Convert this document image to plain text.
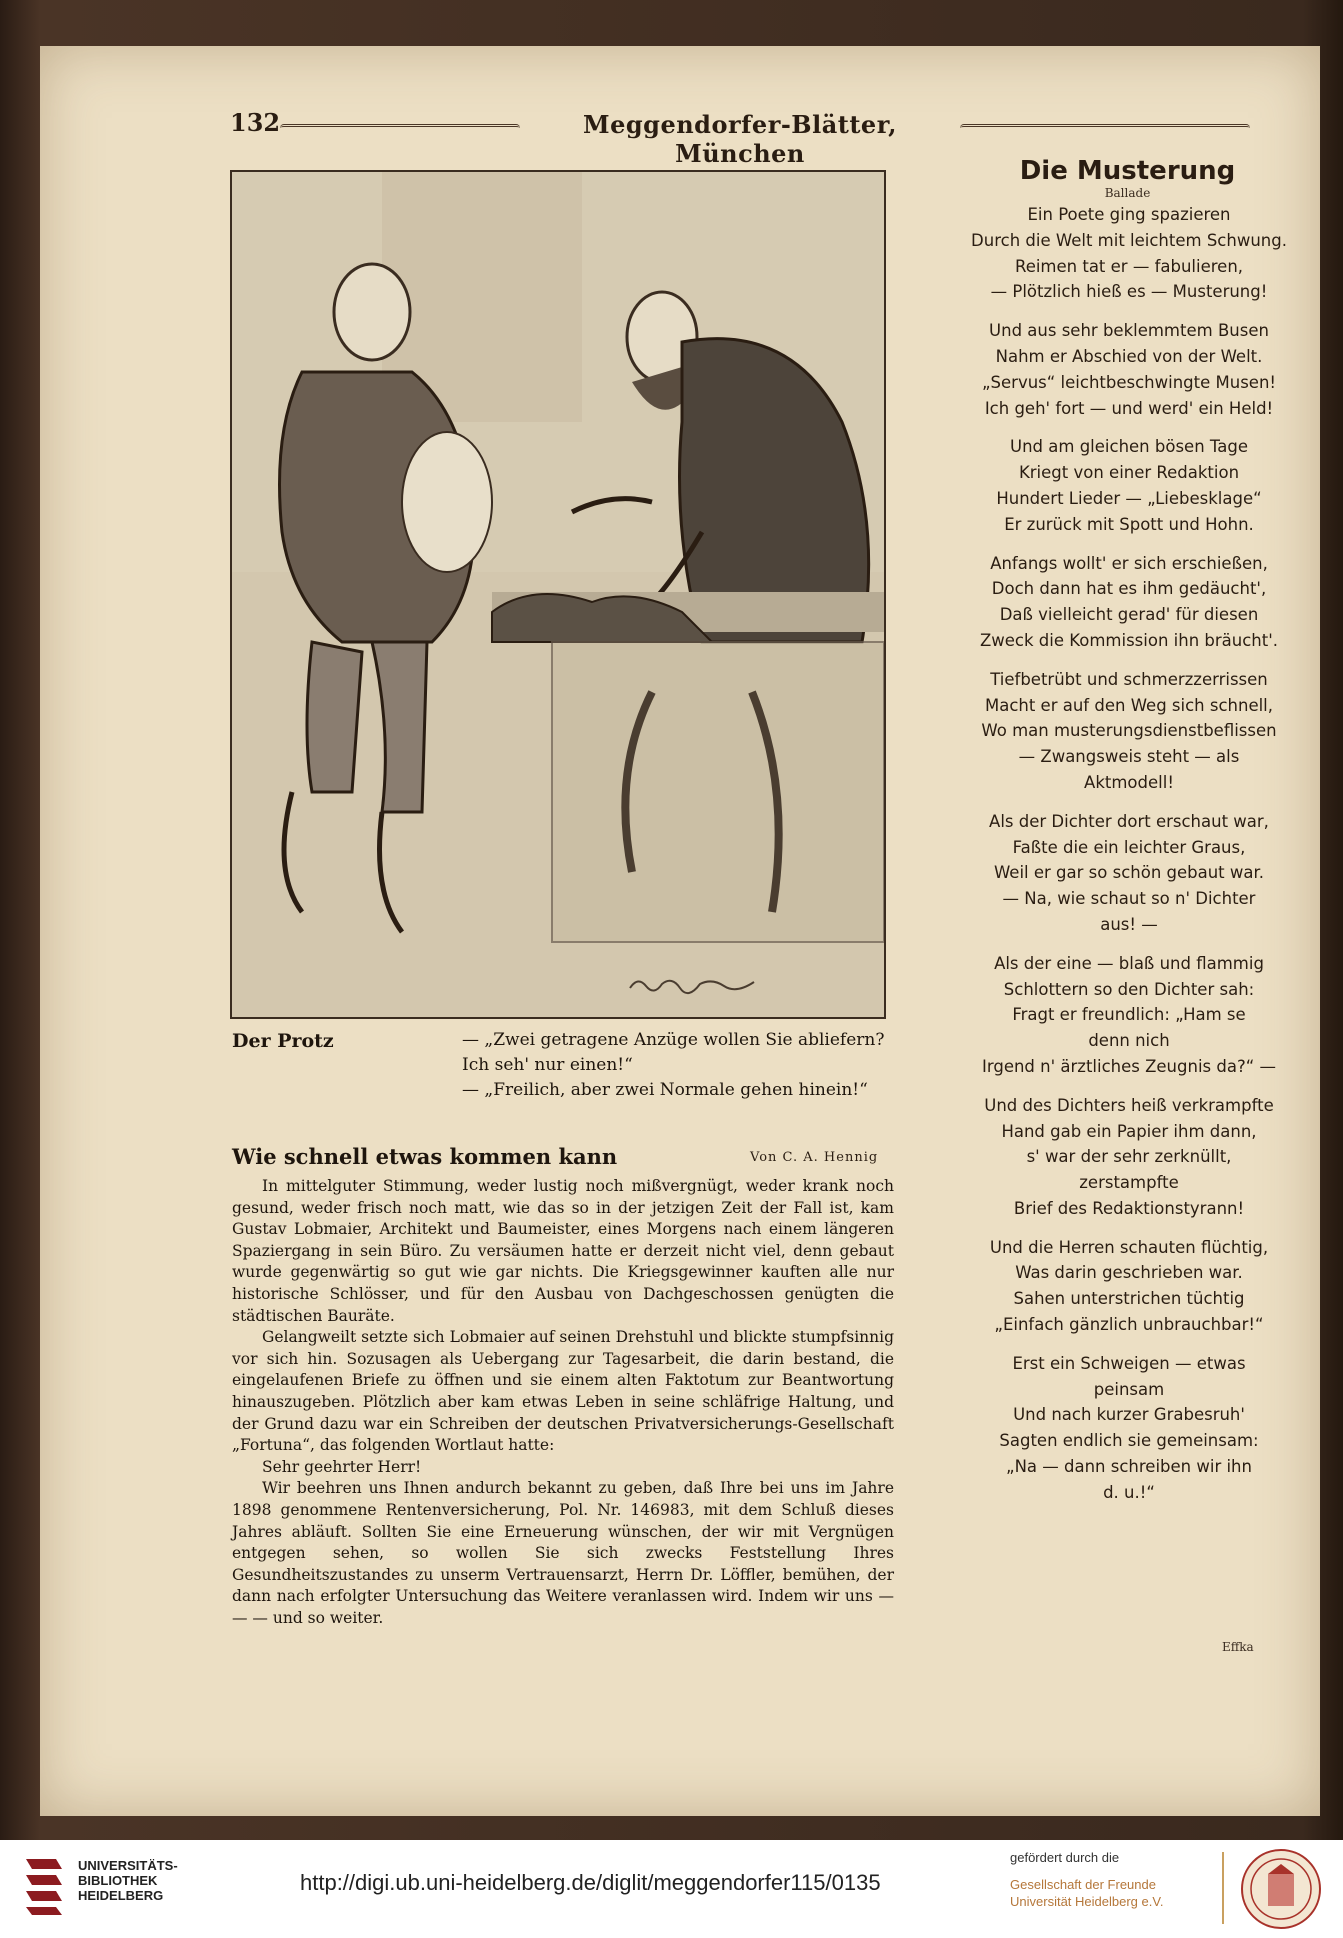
132	Meggendorfer-Blätter, München
Der Protz	— „Zwei getragene Anzüge wollen Sie abliefern?
Ich seh' nur einen!“
— „Freilich, aber zwei Normale gehen hinein!“
Wie schnell etwas kommen kann	Von C. A. Hennig

In mittelguter Stimmung, weder lustig noch mißvergnügt, weder krank noch gesund, weder frisch noch matt, wie das so in der jetzigen Zeit der Fall ist, kam Gustav Lobmaier, Architekt und Baumeister, eines Morgens nach einem längeren Spaziergang in sein Büro. Zu versäumen hatte er derzeit nicht viel, denn gebaut wurde gegenwärtig so gut wie gar nichts. Die Kriegsgewinner kauften alle nur historische Schlösser, und für den Ausbau von Dachgeschossen genügten die städtischen Bauräte.

Gelangweilt setzte sich Lobmaier auf seinen Drehstuhl und blickte stumpfsinnig vor sich hin. Sozusagen als Uebergang zur Tagesarbeit, die darin bestand, die eingelaufenen Briefe zu öffnen und sie einem alten Faktotum zur Beantwortung hinauszugeben. Plötzlich aber kam etwas Leben in seine schläfrige Haltung, und der Grund dazu war ein Schreiben der deutschen Privatversicherungs-Gesellschaft „Fortuna“, das folgenden Wortlaut hatte:

Sehr geehrter Herr!

Wir beehren uns Ihnen andurch bekannt zu geben, daß Ihre bei uns im Jahre 1898 genommene Rentenversicherung, Pol. Nr. 146983, mit dem Schluß dieses Jahres abläuft. Sollten Sie eine Erneuerung wünschen, der wir mit Vergnügen entgegen sehen, so wollen Sie sich zwecks Feststellung Ihres Gesundheitszustandes zu unserm Vertrauensarzt, Herrn Dr. Löffler, bemühen, der dann nach erfolgter Untersuchung das Weitere veranlassen wird. Indem wir uns — — — und so weiter.

Die Musterung
Ballade
Ein Poete ging spazieren
Durch die Welt mit leichtem Schwung.
Reimen tat er — fabulieren,
— Plötzlich hieß es — Musterung!
Und aus sehr beklemmtem Busen
Nahm er Abschied von der Welt.
„Servus“ leichtbeschwingte Musen!
Ich geh' fort — und werd' ein Held!
Und am gleichen bösen Tage
Kriegt von einer Redaktion
Hundert Lieder — „Liebesklage“
Er zurück mit Spott und Hohn.
Anfangs wollt' er sich erschießen,
Doch dann hat es ihm gedäucht',
Daß vielleicht gerad' für diesen
Zweck die Kommission ihn bräucht'.
Tiefbetrübt und schmerzzerrissen
Macht er auf den Weg sich schnell,
Wo man musterungsdienstbeflissen
— Zwangsweis steht — als
Aktmodell!
Als der Dichter dort erschaut war,
Faßte die ein leichter Graus,
Weil er gar so schön gebaut war.
— Na, wie schaut so n' Dichter
aus! —
Als der eine — blaß und flammig
Schlottern so den Dichter sah:
Fragt er freundlich: „Ham se
denn nich
Irgend n' ärztliches Zeugnis da?“ —
Und des Dichters heiß verkrampfte
Hand gab ein Papier ihm dann,
s' war der sehr zerknüllt,
zerstampfte
Brief des Redaktionstyrann!
Und die Herren schauten flüchtig,
Was darin geschrieben war.
Sahen unterstrichen tüchtig
„Einfach gänzlich unbrauchbar!“
Erst ein Schweigen — etwas
peinsam
Und nach kurzer Grabesruh'
Sagten endlich sie gemeinsam:
„Na — dann schreiben wir ihn
d. u.!“
Effka
UNIVERSITÄTS-
BIBLIOTHEK
HEIDELBERG
http://digi.ub.uni-heidelberg.de/diglit/meggendorfer115/0135
gefördert durch die
Gesellschaft der Freunde
Universität Heidelberg e.V.
